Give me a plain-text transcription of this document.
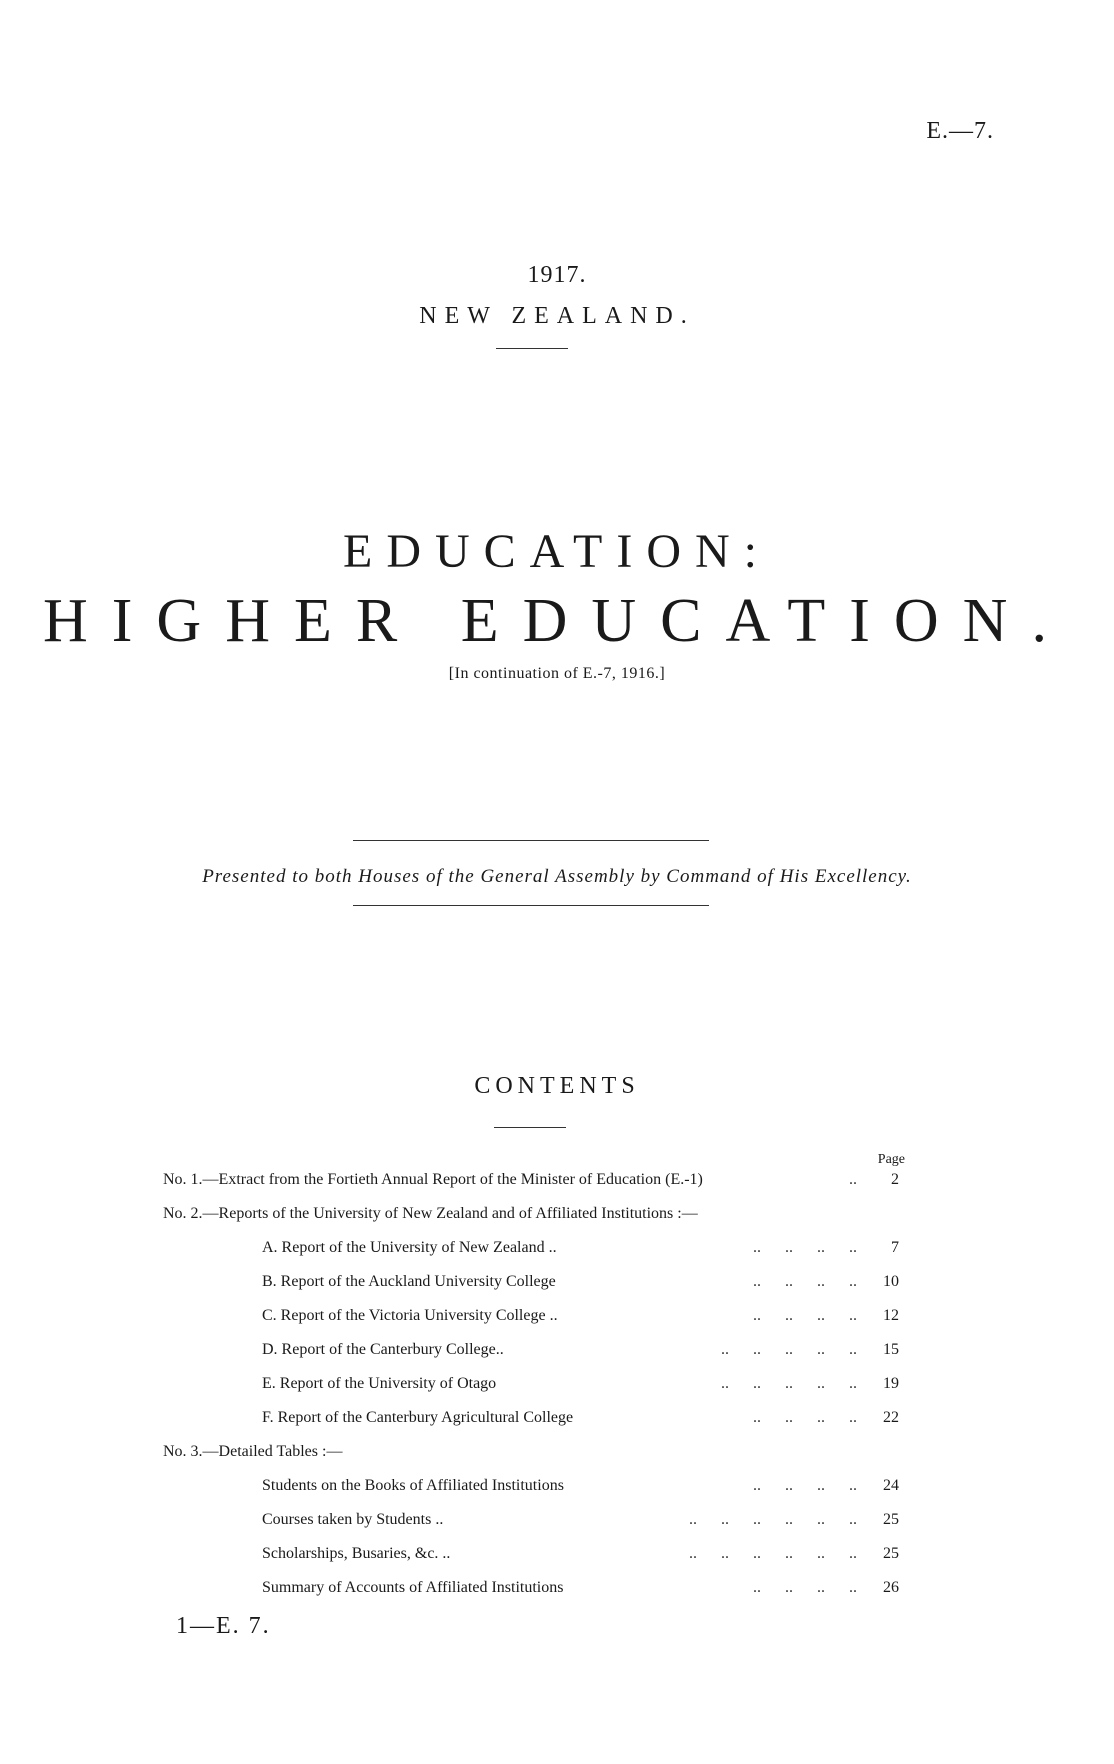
E.—7.
1917.
NEW ZEALAND.
EDUCATION:
HIGHER EDUCATION.
[In continuation of E.-7, 1916.]
Presented to both Houses of the General Assembly by Command of His Excellency.
CONTENTS
Page
No. 1.—Extract from the Fortieth Annual Report of the Minister of Education (E.-1)	..	2
No. 2.—Reports of the University of New Zealand and of Affiliated Institutions :—
A. Report of the University of New Zealand ..	..      ..      ..      ..	7
B. Report of the Auckland University College	..      ..      ..      ..	10
C. Report of the Victoria University College ..	..      ..      ..      ..	12
D. Report of the Canterbury College..	..      ..      ..      ..      ..	15
E. Report of the University of Otago	..      ..      ..      ..      ..	19
F. Report of the Canterbury Agricultural College	..      ..      ..      ..	22
No. 3.—Detailed Tables :—
Students on the Books of Affiliated Institutions	..      ..      ..      ..	24
Courses taken by Students ..	..      ..      ..      ..      ..      ..	25
Scholarships, Busaries, &c. ..	..      ..      ..      ..      ..      ..	25
Summary of Accounts of Affiliated Institutions	..      ..      ..      ..	26
1—E. 7.
